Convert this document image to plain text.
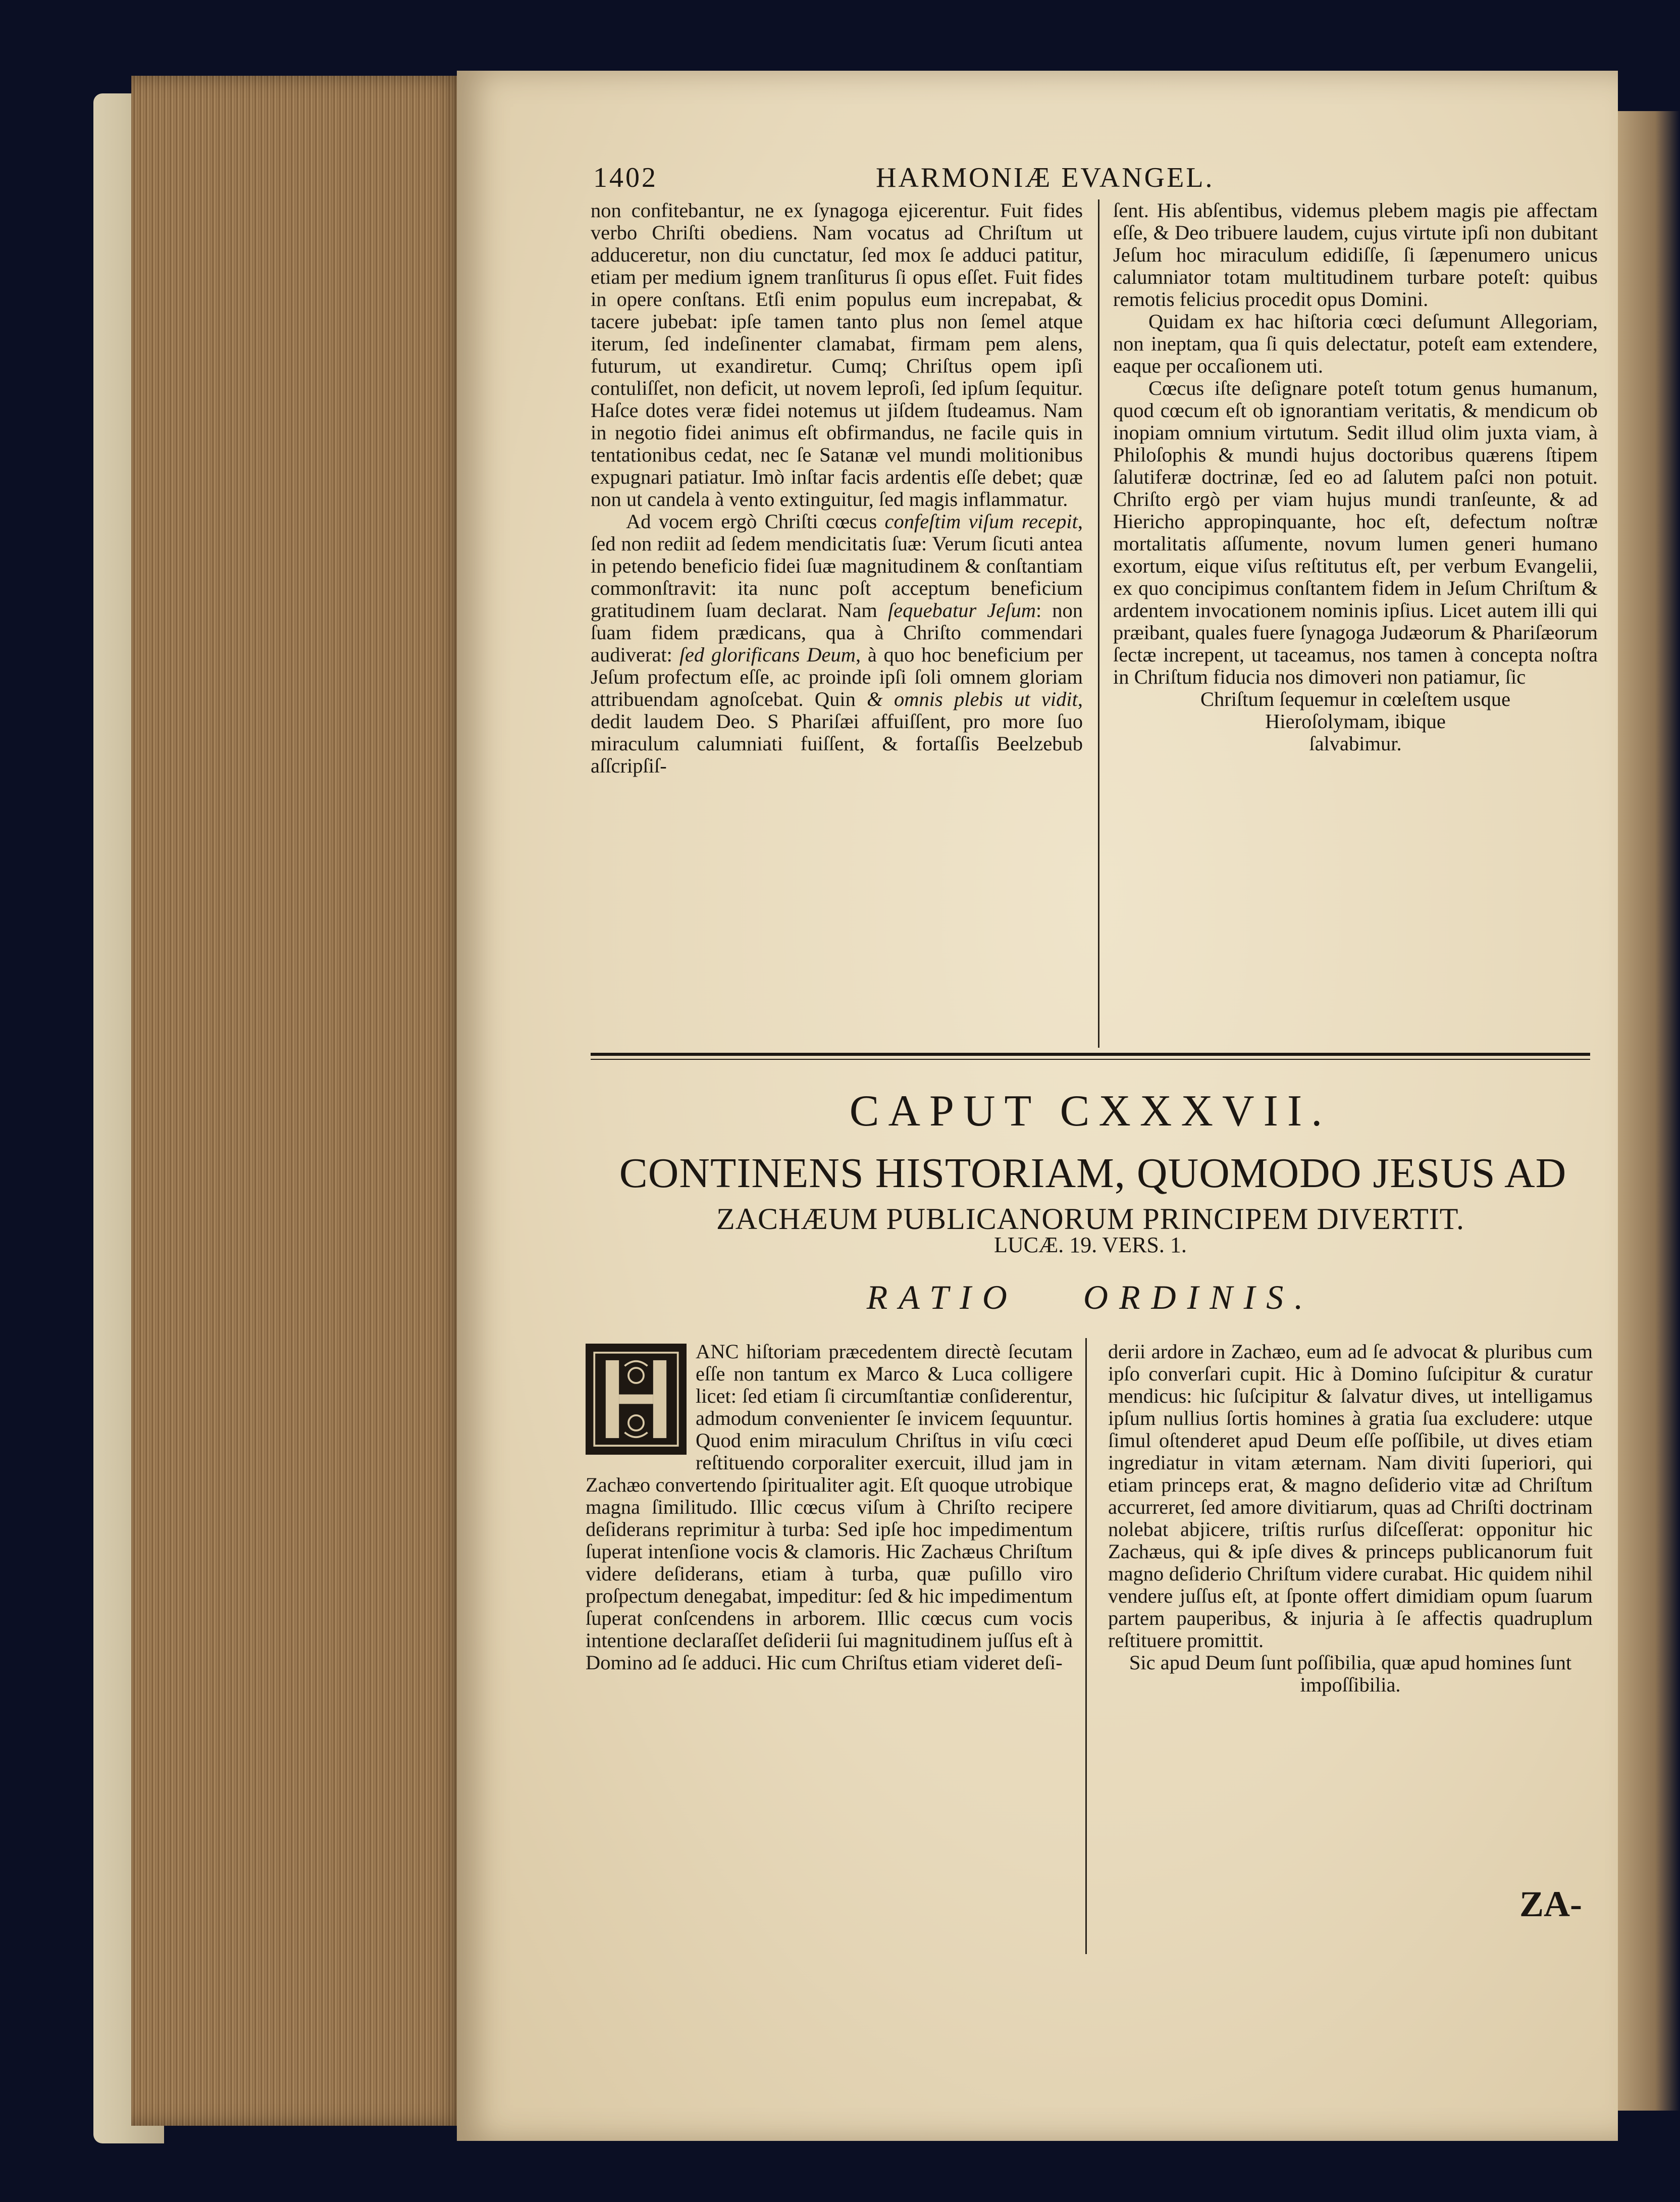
1402	HARMONIÆ EVANGEL.

non confitebantur, ne ex ſynagoga ejicerentur. Fuit fides verbo Chriſti obediens. Nam vocatus ad Chriſtum ut adduceretur, non diu cunctatur, ſed mox ſe adduci patitur, etiam per medium ignem tranſiturus ſi opus eſſet. Fuit fides in opere conſtans. Etſi enim populus eum increpabat, & tacere jubebat: ipſe tamen tanto plus non ſemel atque iterum, ſed indeſinenter clamabat, firmam pem alens, futurum, ut exandiretur. Cumq; Chriſtus opem ipſi contuliſſet, non deficit, ut novem leproſi, ſed ipſum ſequitur. Haſce dotes veræ fidei notemus ut jiſdem ſtudeamus. Nam in negotio fidei animus eſt obfirmandus, ne facile quis in tentationibus cedat, nec ſe Satanæ vel mundi molitionibus expugnari patiatur. Imò inſtar facis ardentis eſſe debet; quæ non ut candela à vento extinguitur, ſed magis inflammatur.

Ad vocem ergò Chriſti cœcus confeſtim viſum recepit, ſed non rediit ad ſedem mendicitatis ſuæ: Verum ſicuti antea in petendo beneficio fidei ſuæ magnitudinem & conſtantiam commonſtravit: ita nunc poſt acceptum beneficium gratitudinem ſuam declarat. Nam ſequebatur Jeſum: non ſuam fidem prædicans, qua à Chriſto commendari audiverat: ſed glorificans Deum, à quo hoc beneficium per Jeſum profectum eſſe, ac proinde ipſi ſoli omnem gloriam attribuendam agnoſcebat. Quin & omnis plebis ut vidit, dedit laudem Deo. S Phariſæi affuiſſent, pro more ſuo miraculum calumniati fuiſſent, & fortaſſis Beelzebub aſſcripſiſ-

ſent. His abſentibus, videmus plebem magis pie affectam eſſe, & Deo tribuere laudem, cujus virtute ipſi non dubitant Jeſum hoc miraculum edidiſſe, ſi ſæpenumero unicus calumniator totam multitudinem turbare poteſt: quibus remotis felicius procedit opus Domini.

Quidam ex hac hiſtoria cœci deſumunt Allegoriam, non ineptam, qua ſi quis delectatur, poteſt eam extendere, eaque per occaſionem uti.

Cœcus iſte deſignare poteſt totum genus humanum, quod cœcum eſt ob ignorantiam veritatis, & mendicum ob inopiam omnium virtutum. Sedit illud olim juxta viam, à Philoſophis & mundi hujus doctoribus quærens ſtipem ſalutiferæ doctrinæ, ſed eo ad ſalutem paſci non potuit. Chriſto ergò per viam hujus mundi tranſeunte, & ad Hiericho appropinquante, hoc eſt, defectum noſtræ mortalitatis aſſumente, novum lumen generi humano exortum, eique viſus reſtitutus eſt, per verbum Evangelii, ex quo concipimus conſtantem fidem in Jeſum Chriſtum & ardentem invocationem nominis ipſius. Licet autem illi qui præibant, quales fuere ſynagoga Judæorum & Phariſæorum ſectæ increpent, ut taceamus, nos tamen à concepta noſtra in Chriſtum fiducia nos dimoveri non patiamur, ſic

Chriſtum ſequemur in cœleſtem usque

Hieroſolymam, ibique

ſalvabimur.

CAPUT CXXXVII.
CONTINENS HISTORIAM, QUOMODO JESUS AD
ZACHÆUM PUBLICANORUM PRINCIPEM DIVERTIT.
LUCÆ. 19. VERS. 1.
RATIO ORDINIS.

ANC hiſtoriam præcedentem directè ſecutam eſſe non tantum ex Marco & Luca colligere licet: ſed etiam ſi circumſtantiæ conſiderentur, admodum convenienter ſe invicem ſequuntur. Quod enim miraculum Chriſtus in viſu cœci reſtituendo corporaliter exercuit, illud jam in Zachæo convertendo ſpiritualiter agit. Eſt quoque utrobique magna ſimilitudo. Illic cœcus viſum à Chriſto recipere deſiderans reprimitur à turba: Sed ipſe hoc impedimentum ſuperat intenſione vocis & clamoris. Hic Zachæus Chriſtum videre deſiderans, etiam à turba, quæ puſillo viro proſpectum denegabat, impeditur: ſed & hic impedimentum ſuperat conſcendens in arborem. Illic cœcus cum vocis intentione declaraſſet deſiderii ſui magnitudinem juſſus eſt à Domino ad ſe adduci. Hic cum Chriſtus etiam videret deſi-

derii ardore in Zachæo, eum ad ſe advocat & pluribus cum ipſo converſari cupit. Hic à Domino ſuſcipitur & curatur mendicus: hic ſuſcipitur & ſalvatur dives, ut intelligamus ipſum nullius ſortis homines à gratia ſua excludere: utque ſimul oſtenderet apud Deum eſſe poſſibile, ut dives etiam ingrediatur in vitam æternam. Nam diviti ſuperiori, qui etiam princeps erat, & magno deſiderio vitæ ad Chriſtum accurreret, ſed amore divitiarum, quas ad Chriſti doctrinam nolebat abjicere, triſtis rurſus diſceſſerat: opponitur hic Zachæus, qui & ipſe dives & princeps publicanorum fuit magno deſiderio Chriſtum videre curabat. Hic quidem nihil vendere juſſus eſt, at ſponte offert dimidiam opum ſuarum partem pauperibus, & injuria à ſe affectis quadruplum reſtituere promittit.

Sic apud Deum ſunt poſſibilia, quæ apud homines ſunt impoſſibilia.

ZA-
